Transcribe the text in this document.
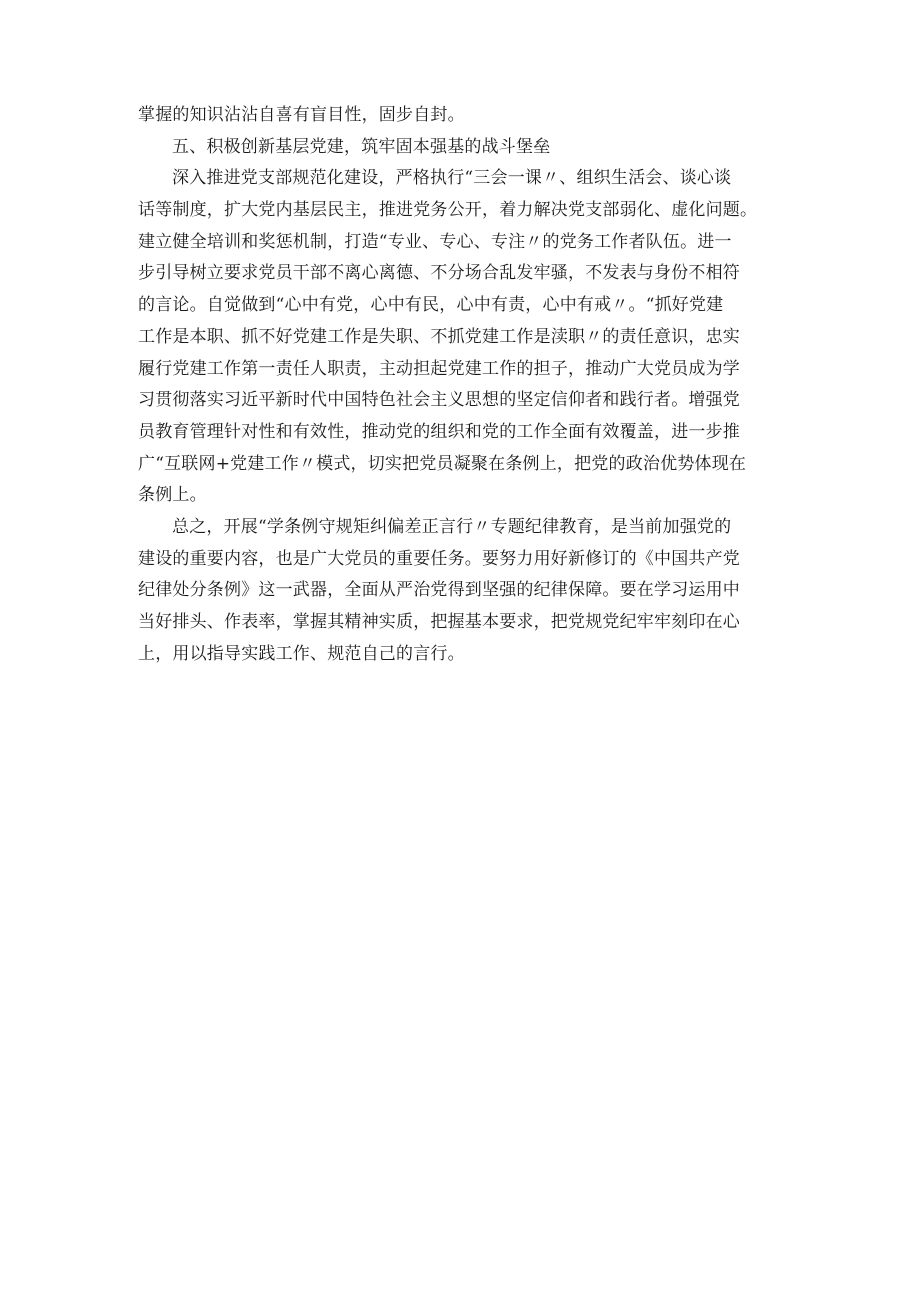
掌握的知识沾沾自喜有盲目性，固步自封。
五、积极创新基层党建，筑牢固本强基的战斗堡垒
深入推进党支部规范化建设，严格执行“三会一课〃、组织生活会、谈心谈
话等制度，扩大党内基层民主，推进党务公开，着力解决党支部弱化、虚化问题。
建立健全培训和奖惩机制，打造“专业、专心、专注〃的党务工作者队伍。进一
步引导树立要求党员干部不离心离德、不分场合乱发牢骚，不发表与身份不相符
的言论。自觉做到“心中有党，心中有民，心中有责，心中有戒〃。“抓好党建
工作是本职、抓不好党建工作是失职、不抓党建工作是渎职〃的责任意识，忠实
履行党建工作第一责任人职责，主动担起党建工作的担子，推动广大党员成为学
习贯彻落实习近平新时代中国特色社会主义思想的坚定信仰者和践行者。增强党
员教育管理针对性和有效性，推动党的组织和党的工作全面有效覆盖，进一步推
广“互联网+党建工作〃模式，切实把党员凝聚在条例上，把党的政治优势体现在
条例上。
总之，开展“学条例守规矩纠偏差正言行〃专题纪律教育，是当前加强党的
建设的重要内容，也是广大党员的重要任务。要努力用好新修订的《中国共产党
纪律处分条例》这一武器，全面从严治党得到坚强的纪律保障。要在学习运用中
当好排头、作表率，掌握其精神实质，把握基本要求，把党规党纪牢牢刻印在心
上，用以指导实践工作、规范自己的言行。
